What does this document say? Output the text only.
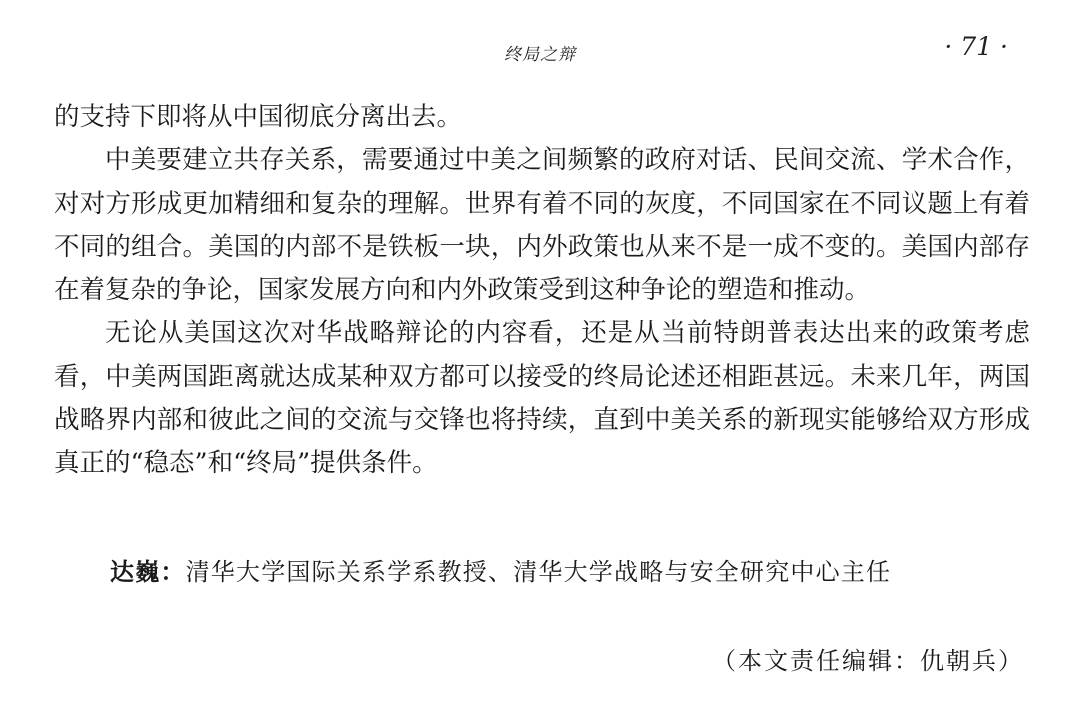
终局之辩	· 71 ·

的支持下即将从中国彻底分离出去。

中美要建立共存关系，需要通过中美之间频繁的政府对话、民间交流、学术合作，对对方形成更加精细和复杂的理解。世界有着不同的灰度，不同国家在不同议题上有着不同的组合。美国的内部不是铁板一块，内外政策也从来不是一成不变的。美国内部存在着复杂的争论，国家发展方向和内外政策受到这种争论的塑造和推动。

无论从美国这次对华战略辩论的内容看，还是从当前特朗普表达出来的政策考虑看，中美两国距离就达成某种双方都可以接受的终局论述还相距甚远。未来几年，两国战略界内部和彼此之间的交流与交锋也将持续，直到中美关系的新现实能够给双方形成真正的“稳态”和“终局”提供条件。

达巍：清华大学国际关系学系教授、清华大学战略与安全研究中心主任
（本文责任编辑：仇朝兵）
